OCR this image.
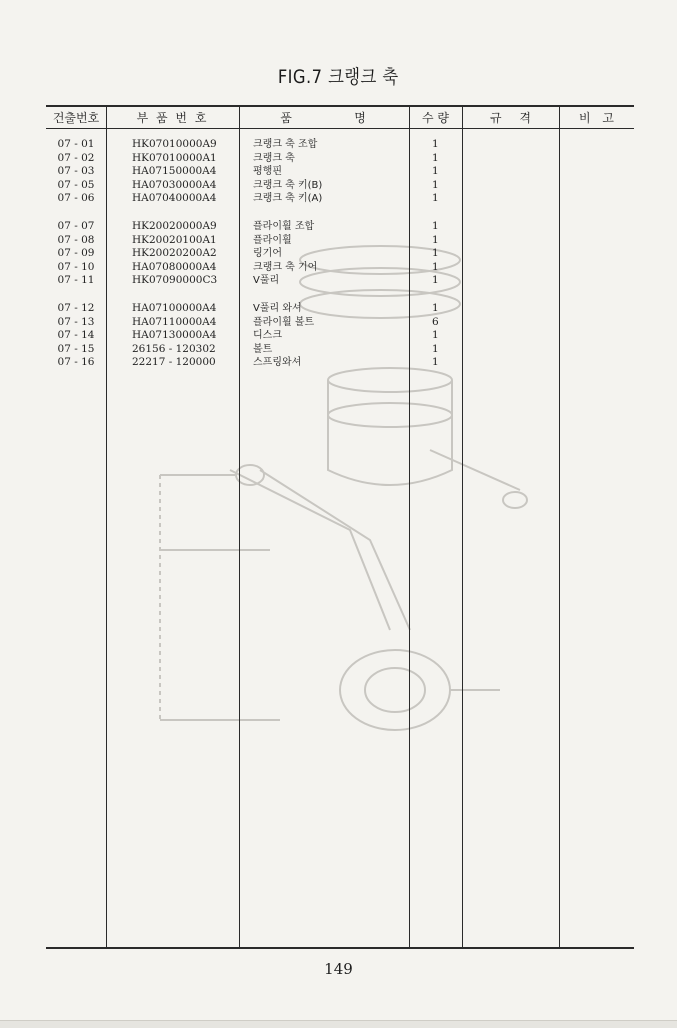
FIG.7 크랭크 축
건출번호	부 품 번 호	품	명	수 량	규 격	비 고
07 - 01	HK07010000A9	크랭크 축 조합	1
07 - 02	HK07010000A1	크랭크 축	1
07 - 03	HA07150000A4	평행핀	1
07 - 05	HA07030000A4	크랭크 축 키(B)	1
07 - 06	HA07040000A4	크랭크 축 키(A)	1
07 - 07	HK20020000A9	플라이휠 조합	1
07 - 08	HK20020100A1	플라이휠	1
07 - 09	HK20020200A2	링기어	1
07 - 10	HA07080000A4	크랭크 축 기어	1
07 - 11	HK07090000C3	V풀리	1
07 - 12	HA07100000A4	V풀리 와셔	1
07 - 13	HA07110000A4	플라이휠 볼트	6
07 - 14	HA07130000A4	디스크	1
07 - 15	26156 - 120302	볼트	1
07 - 16	22217 - 120000	스프링와셔	1
149
